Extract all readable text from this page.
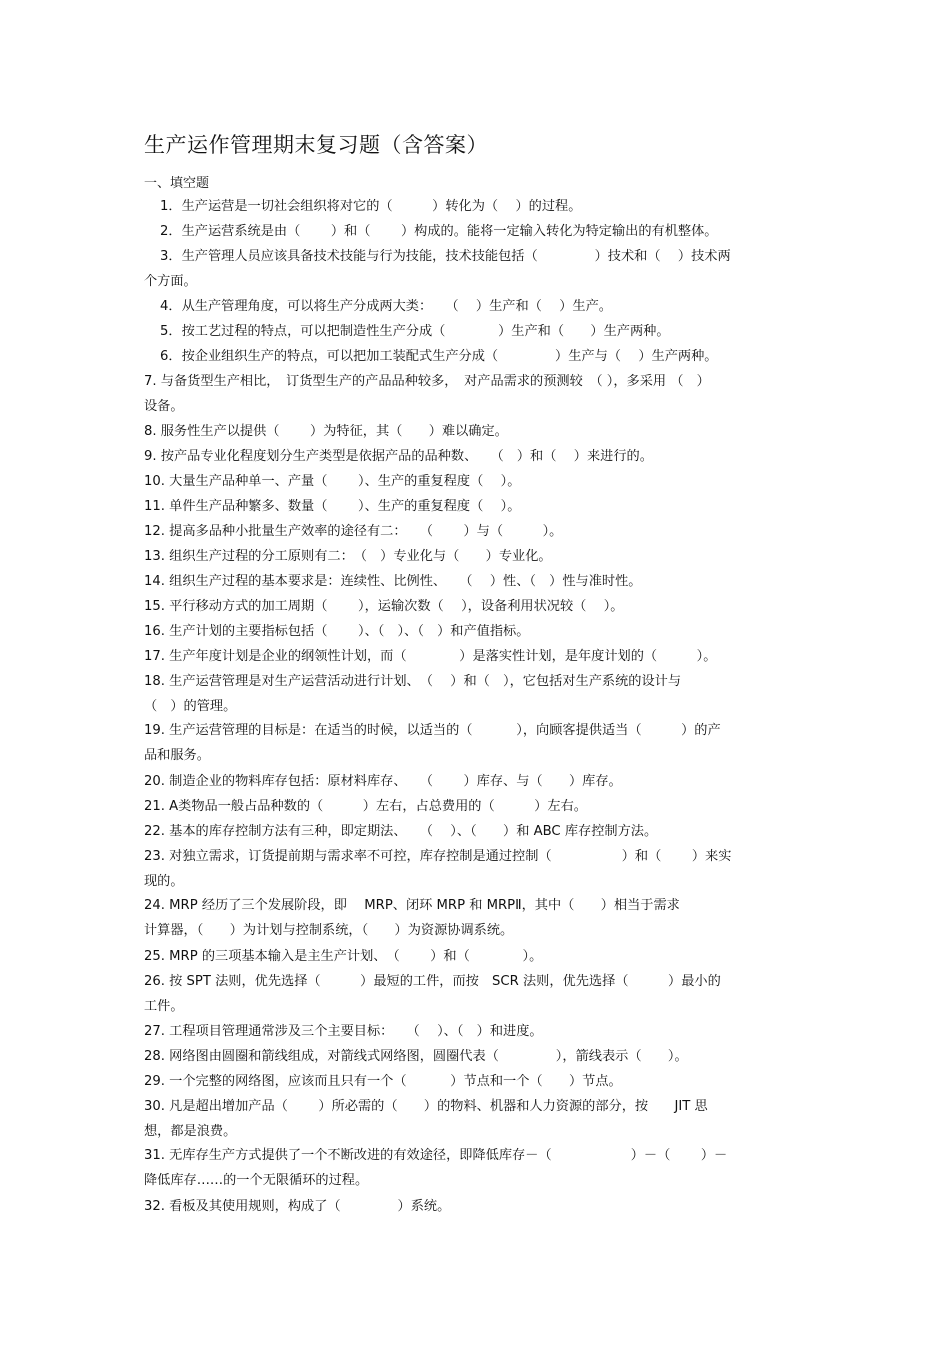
生产运作管理期末复习题（含答案）
一、填空题
1．生产运营是一切社会组织将对它的（　　　）转化为（　 ）的过程。
2．生产运营系统是由（　　 ）和（　　 ）构成的。能将一定输入转化为特定输出的有机整体。
3．生产管理人员应该具备技术技能与行为技能，技术技能包括（　　　　 ）技术和（　 ）技术两
个方面。
4．从生产管理角度，可以将生产分成两大类：　　（　 ）生产和（　 ）生产。
5．按工艺过程的特点，可以把制造性生产分成（　　　　）生产和（　　）生产两种。
6．按企业组织生产的特点，可以把加工装配式生产分成（　　　　 ）生产与（　 ）生产两种。
7. 与备货型生产相比，　订货型生产的产品品种较多，　对产品需求的预测较　（ ），多采用 （　）
设备。
8. 服务性生产以提供（　　 ）为特征，其（　　）难以确定。
9. 按产品专业化程度划分生产类型是依据产品的品种数、　　（　）和（　 ）来进行的。
10. 大量生产品种单一、产量（　　 ）、生产的重复程度（　 ）。
11. 单件生产品种繁多、数量（　　 ）、生产的重复程度（　 ）。
12. 提高多品种小批量生产效率的途径有二：　　（　　 ）与（　　　）。
13. 组织生产过程的分工原则有二：　（　）专业化与（　　）专业化。
14. 组织生产过程的基本要求是：连续性、比例性、　　（　 ）性、（　）性与准时性。
15. 平行移动方式的加工周期（　　 ），运输次数（　 ），设备利用状况较（　 ）。
16. 生产计划的主要指标包括（　　 ）、（　）、（　）和产值指标。
17. 生产年度计划是企业的纲领性计划，而（　　　　）是落实性计划，是年度计划的（　　　）。
18. 生产运营管理是对生产运营活动进行计划、　（　 ）和（　），它包括对生产系统的设计与
（　）的管理。
19. 生产运营管理的目标是：在适当的时候，以适当的（　　　 ），向顾客提供适当（　　　）的产
品和服务。
20. 制造企业的物料库存包括：原材料库存、　　（　　 ）库存、与（　　）库存。
21. A类物品一般占品种数的（　　　）左右，占总费用的（　　　）左右。
22. 基本的库存控制方法有三种，即定期法、　　（　 ）、（　　）和 ABC 库存控制方法。
23. 对独立需求，订货提前期与需求率不可控，库存控制是通过控制（　　　　　 ）和（　　 ）来实
现的。
24. MRP 经历了三个发展阶段，即　 MRP、闭环 MRP 和 MRPⅡ，其中（　　）相当于需求
计算器，（　　）为计划与控制系统，（　　）为资源协调系统。
25. MRP 的三项基本输入是主生产计划、　（　　 ）和（　　　　）。
26. 按 SPT 法则，优先选择（　　　）最短的工件，而按　SCR 法则，优先选择（　　　）最小的
工件。
27. 工程项目管理通常涉及三个主要目标：　　（　 ）、（　）和进度。
28. 网络图由圆圈和箭线组成，对箭线式网络图，圆圈代表（　　　　 ），箭线表示（　　）。
29. 一个完整的网络图，应该而且只有一个（　　　 ）节点和一个（　　）节点。
30. 凡是超出增加产品（　　 ）所必需的（　　）的物料、机器和人力资源的部分，按　　JIT 思
想，都是浪费。
31. 无库存生产方式提供了一个不断改进的有效途径，即降低库存－（　　　　　　）－（　　 ）－
降低库存……的一个无限循环的过程。
32. 看板及其使用规则，构成了（　　　　 ）系统。
